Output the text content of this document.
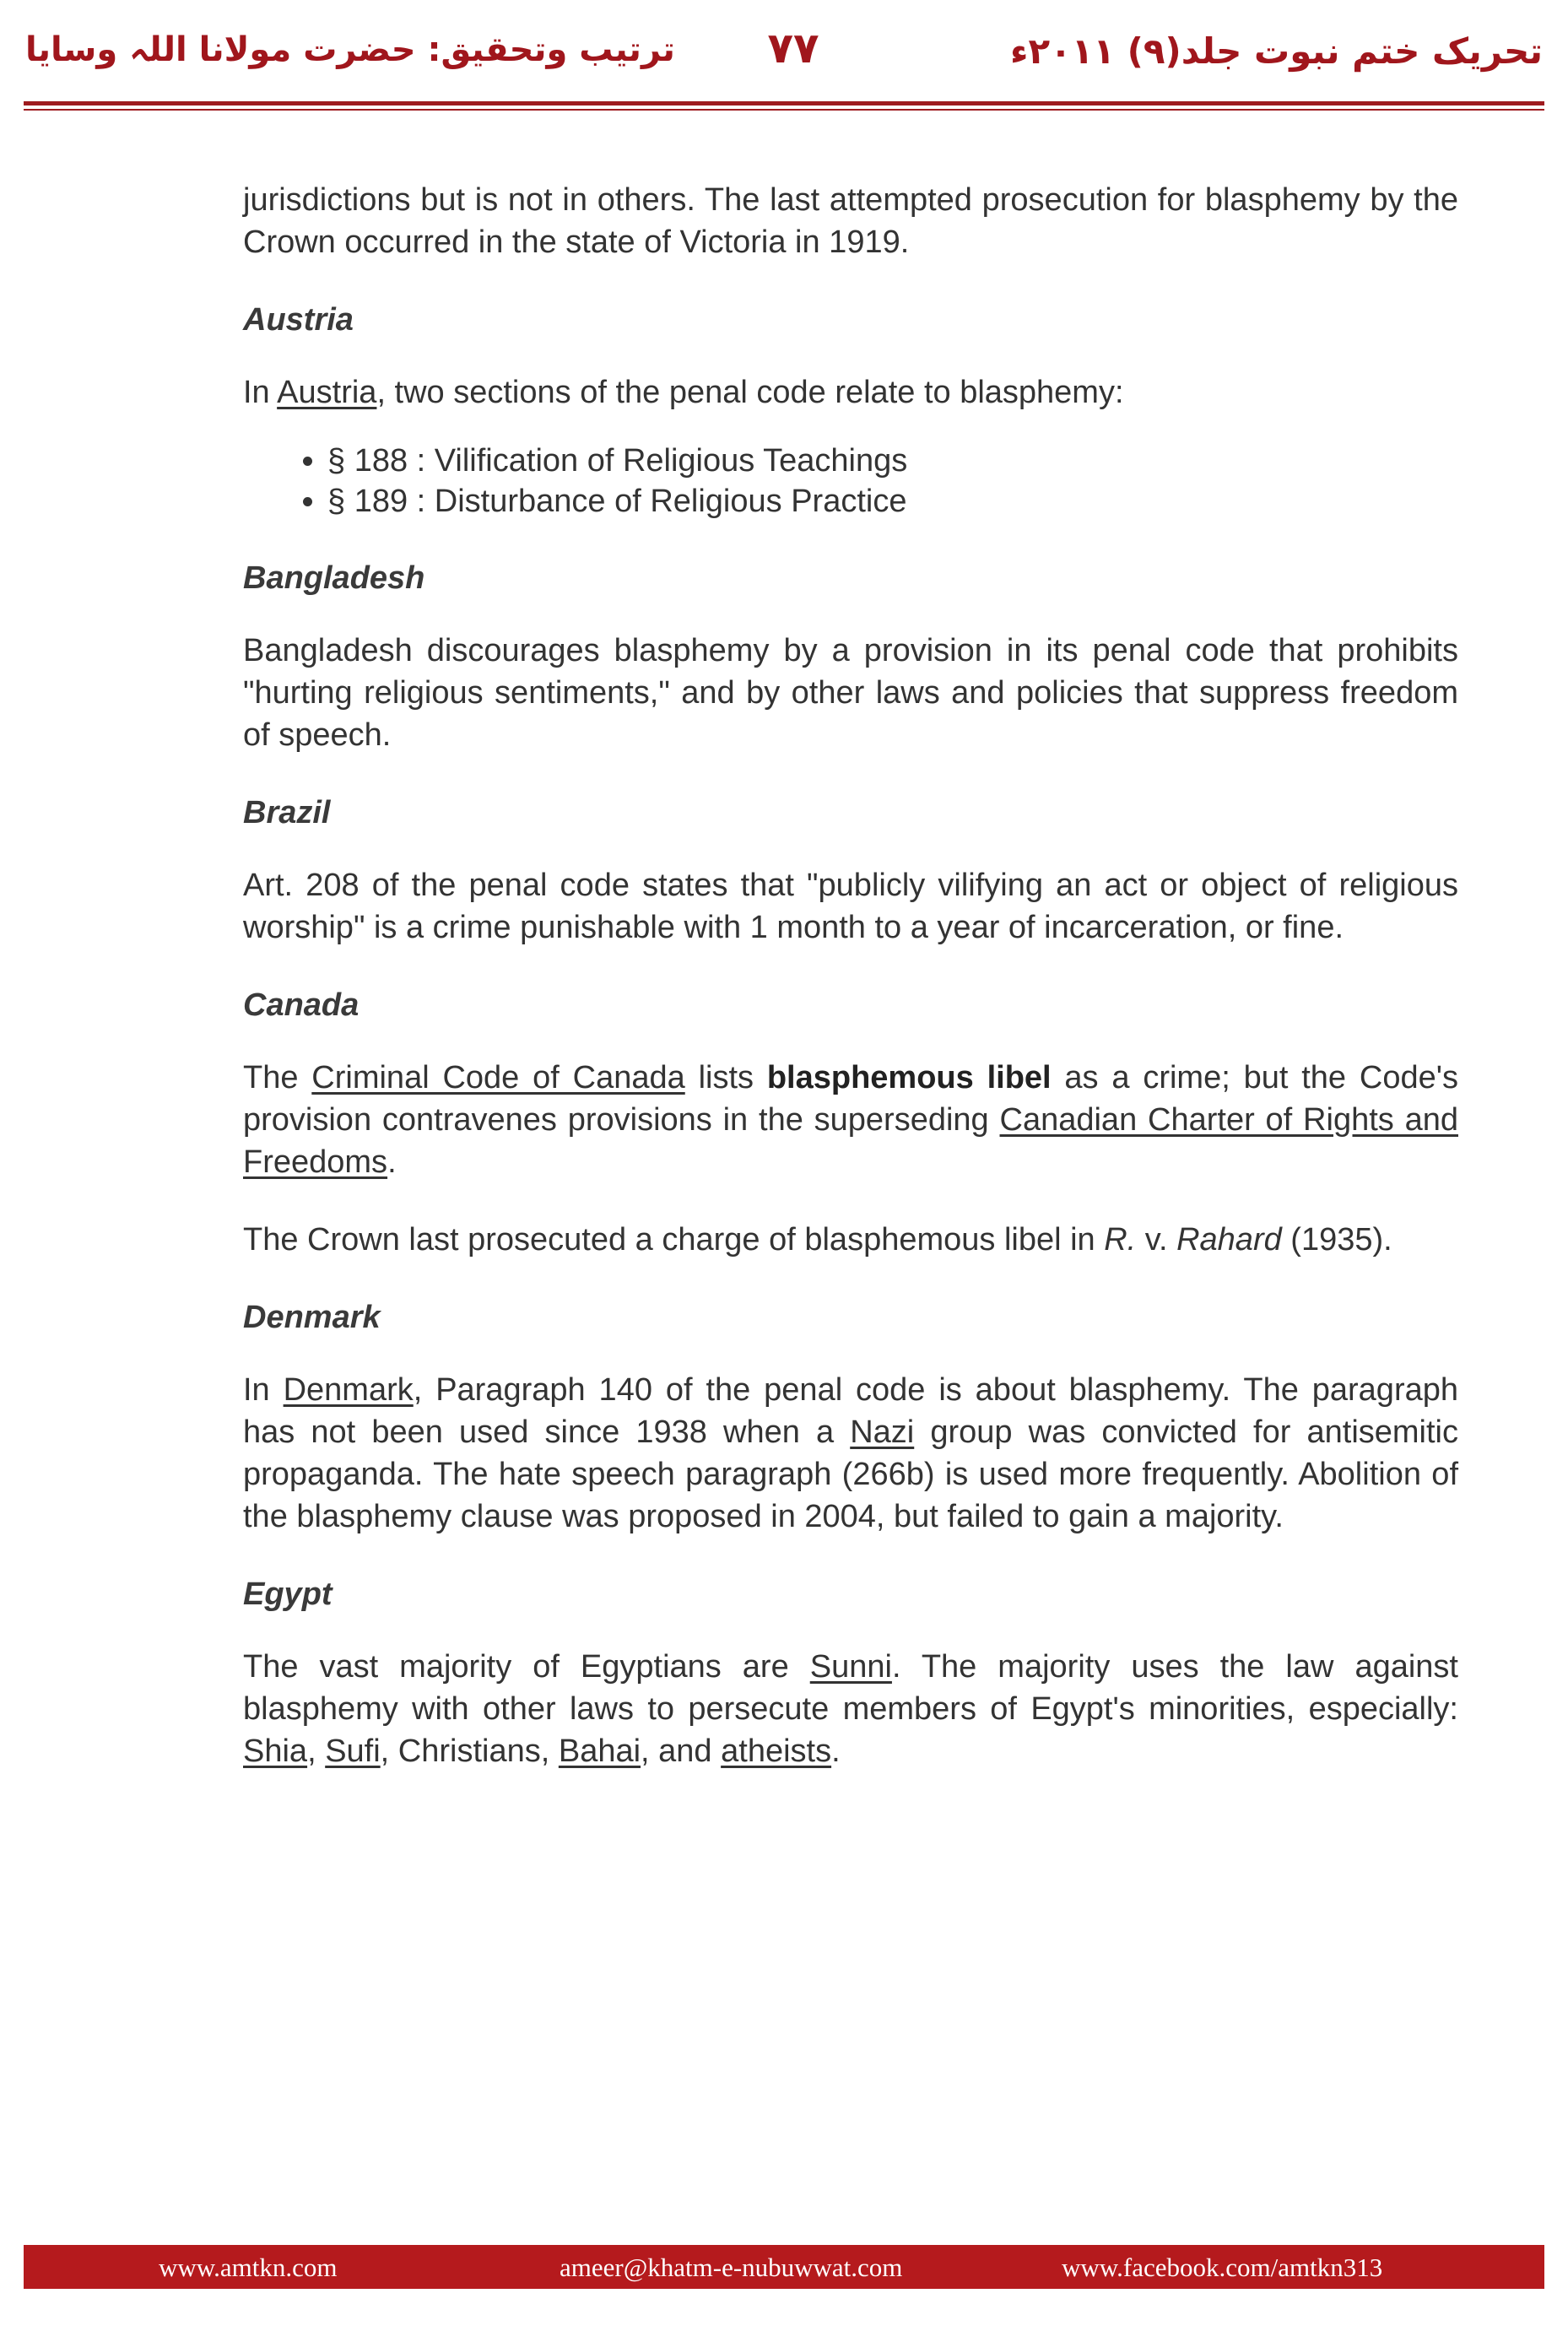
ترتیب وتحقیق: حضرت مولانا اللہ وسایا	۷۷	تحریک ختم نبوت جلد(۹) ۲۰۱۱ء

jurisdictions but is not in others. The last attempted prosecution for blasphemy by the Crown occurred in the state of Victoria in 1919.

Austria

In Austria, two sections of the penal code relate to blasphemy:

• § 188 : Vilification of Religious Teachings
• § 189 : Disturbance of Religious Practice
Bangladesh

Bangladesh discourages blasphemy by a provision in its penal code that prohibits "hurting religious sentiments," and by other laws and policies that suppress freedom of speech.

Brazil

Art. 208 of the penal code states that "publicly vilifying an act or object of religious worship" is a crime punishable with 1 month to a year of incarceration, or fine.

Canada

The Criminal Code of Canada lists blasphemous libel as a crime; but the Code's provision contravenes provisions in the superseding Canadian Charter of Rights and Freedoms.

The Crown last prosecuted a charge of blasphemous libel in R. v. Rahard (1935).

Denmark

In Denmark, Paragraph 140 of the penal code is about blasphemy. The paragraph has not been used since 1938 when a Nazi group was convicted for antisemitic propaganda. The hate speech paragraph (266b) is used more frequently. Abolition of the blasphemy clause was proposed in 2004, but failed to gain a majority.

Egypt

The vast majority of Egyptians are Sunni. The majority uses the law against blasphemy with other laws to persecute members of Egypt's minorities, especially: Shia, Sufi, Christians, Bahai, and atheists.

www.amtkn.com	ameer@khatm-e-nubuwwat.com	www.facebook.com/amtkn313
